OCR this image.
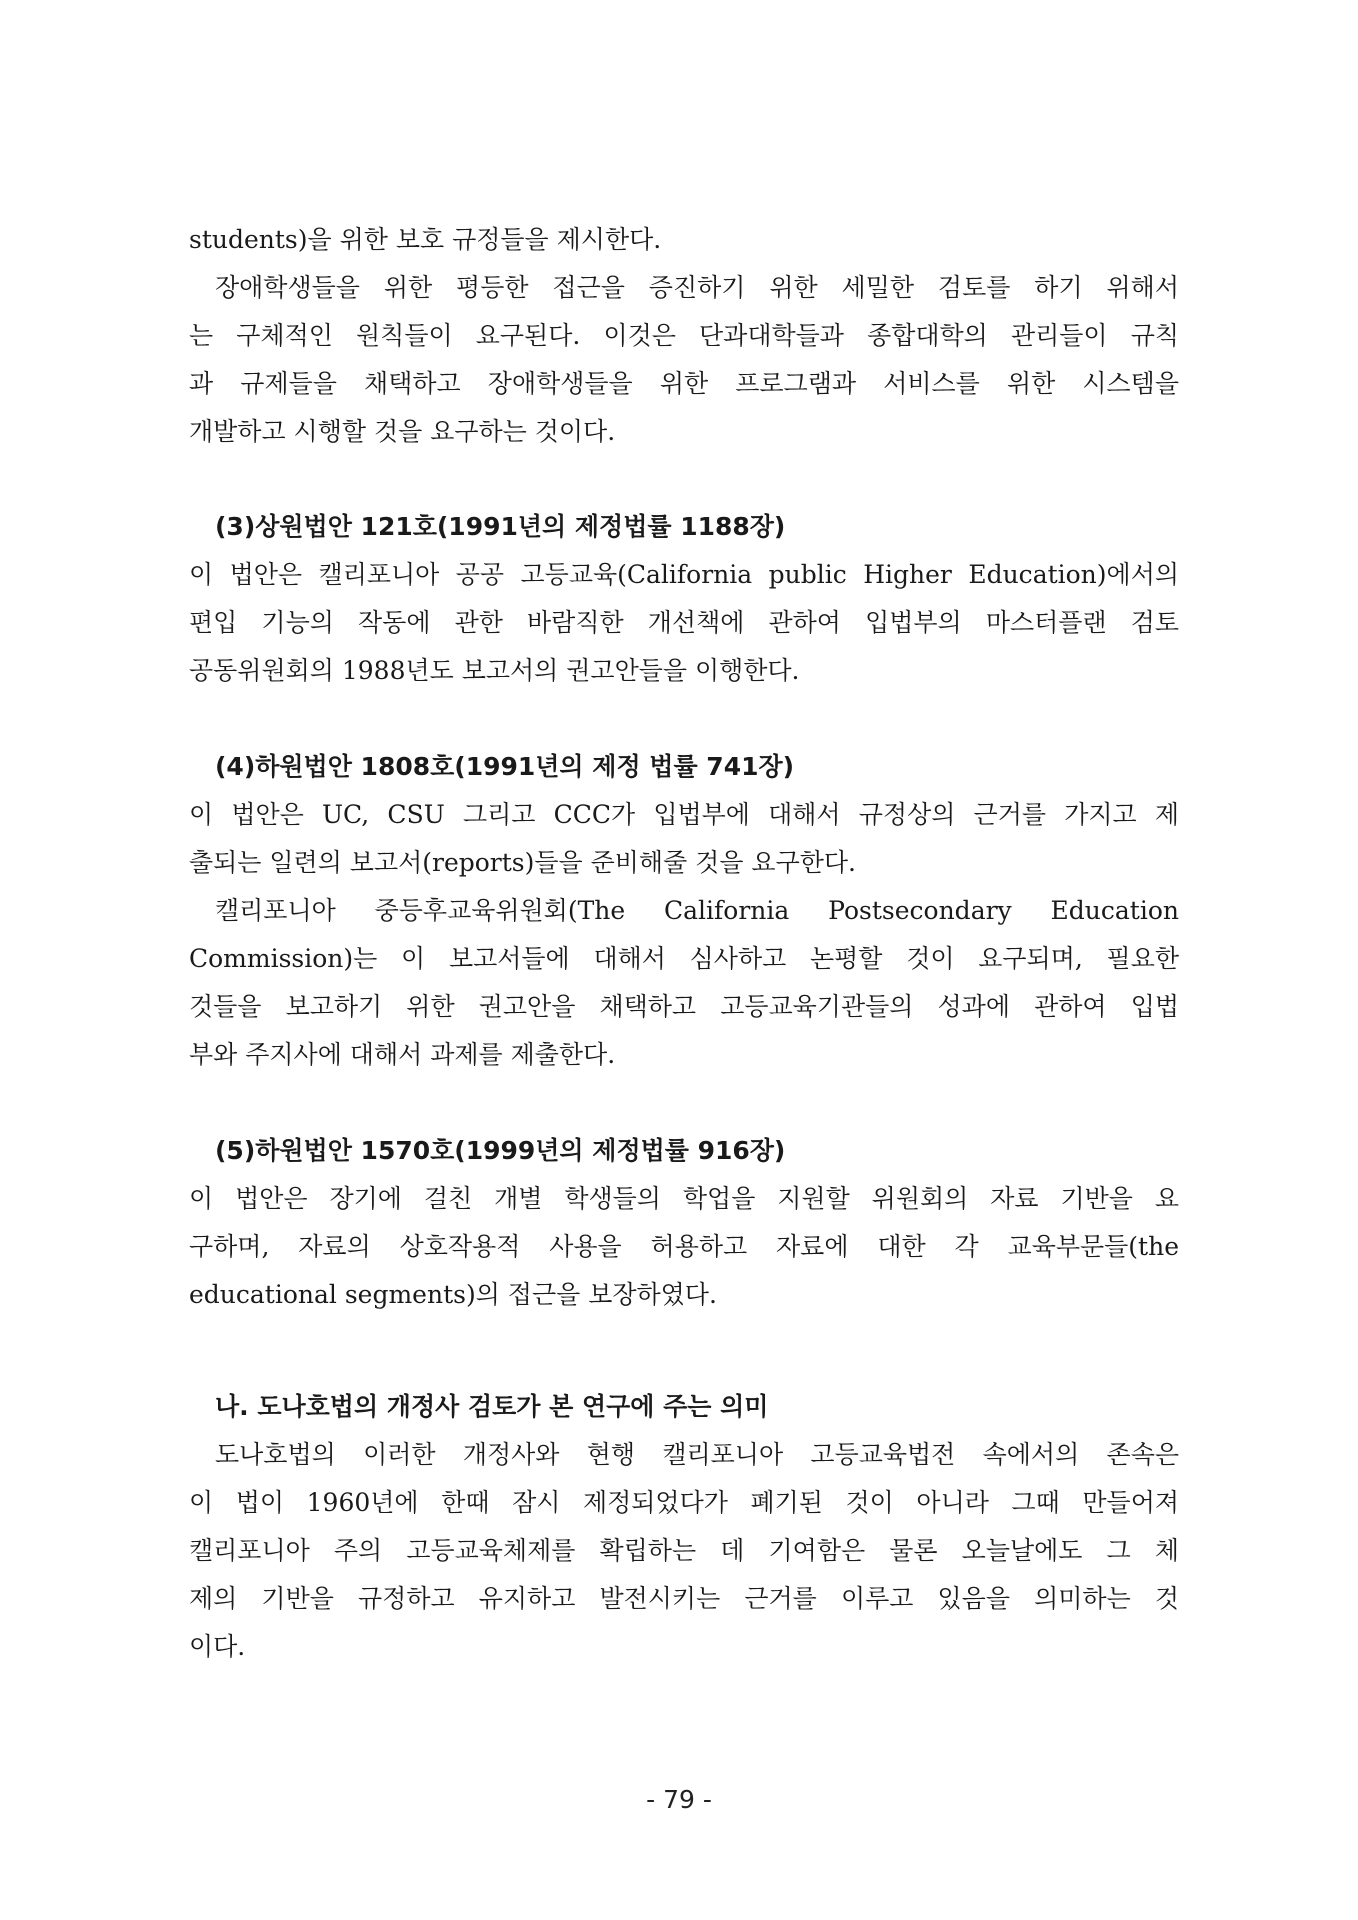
students)을 위한 보호 규정들을 제시한다.
장애학생들을 위한 평등한 접근을 증진하기 위한 세밀한 검토를 하기 위해서
는 구체적인 원칙들이 요구된다. 이것은 단과대학들과 종합대학의 관리들이 규칙
과 규제들을 채택하고 장애학생들을 위한 프로그램과 서비스를 위한 시스템을
개발하고 시행할 것을 요구하는 것이다.
(3)상원법안 121호(1991년의 제정법률 1188장)
이 법안은 캘리포니아 공공 고등교육(California public Higher Education)에서의
편입 기능의 작동에 관한 바람직한 개선책에 관하여 입법부의 마스터플랜 검토
공동위원회의 1988년도 보고서의 권고안들을 이행한다.
(4)하원법안 1808호(1991년의 제정 법률 741장)
이 법안은 UC, CSU 그리고 CCC가 입법부에 대해서 규정상의 근거를 가지고 제
출되는 일련의 보고서(reports)들을 준비해줄 것을 요구한다.
캘리포니아 중등후교육위원회(The California Postsecondary Education
Commission)는 이 보고서들에 대해서 심사하고 논평할 것이 요구되며, 필요한
것들을 보고하기 위한 권고안을 채택하고 고등교육기관들의 성과에 관하여 입법
부와 주지사에 대해서 과제를 제출한다.
(5)하원법안 1570호(1999년의 제정법률 916장)
이 법안은 장기에 걸친 개별 학생들의 학업을 지원할 위원회의 자료 기반을 요
구하며, 자료의 상호작용적 사용을 허용하고 자료에 대한 각 교육부문들(the
educational segments)의 접근을 보장하였다.
나. 도나호법의 개정사 검토가 본 연구에 주는 의미
도나호법의 이러한 개정사와 현행 캘리포니아 고등교육법전 속에서의 존속은
이 법이 1960년에 한때 잠시 제정되었다가 폐기된 것이 아니라 그때 만들어져
캘리포니아 주의 고등교육체제를 확립하는 데 기여함은 물론 오늘날에도 그 체
제의 기반을 규정하고 유지하고 발전시키는 근거를 이루고 있음을 의미하는 것
이다.
- 79 -
